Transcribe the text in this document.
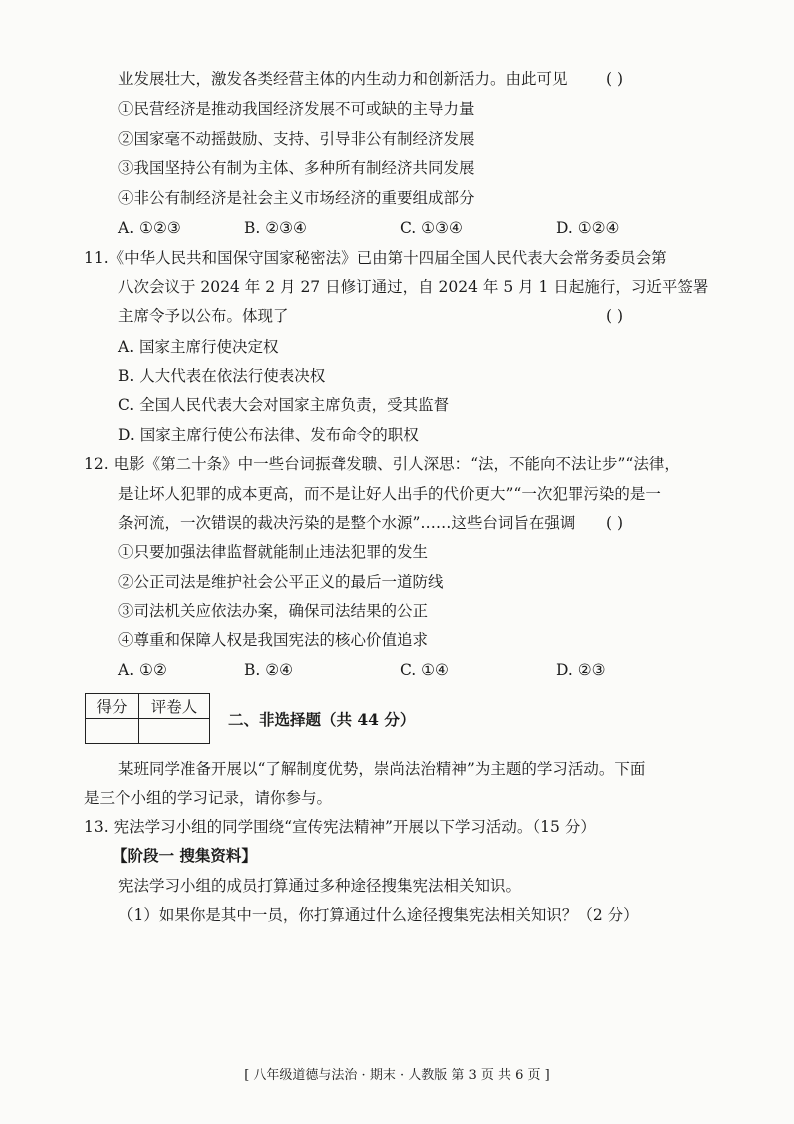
业发展壮大，激发各类经营主体的内生动力和创新活力。由此可见 ( )
①民营经济是推动我国经济发展不可或缺的主导力量
②国家毫不动摇鼓励、支持、引导非公有制经济发展
③我国坚持公有制为主体、多种所有制经济共同发展
④非公有制经济是社会主义市场经济的重要组成部分
A. ①②③	B. ②③④	C. ①③④	D. ①②④
11.《中华人民共和国保守国家秘密法》已由第十四届全国人民代表大会常务委员会第
八次会议于 2024 年 2 月 27 日修订通过，自 2024 年 5 月 1 日起施行，习近平签署
主席令予以公布。体现了	( )
A. 国家主席行使决定权
B. 人大代表在依法行使表决权
C. 全国人民代表大会对国家主席负责，受其监督
D. 国家主席行使公布法律、发布命令的职权
12. 电影《第二十条》中一些台词振聋发聩、引人深思：“法，不能向不法让步”“法律，
是让坏人犯罪的成本更高，而不是让好人出手的代价更大”“一次犯罪污染的是一
条河流，一次错误的裁决污染的是整个水源”……这些台词旨在强调 ( )
①只要加强法律监督就能制止违法犯罪的发生
②公正司法是维护社会公平正义的最后一道防线
③司法机关应依法办案，确保司法结果的公正
④尊重和保障人权是我国宪法的核心价值追求
A. ①②	B. ②④	C. ①④	D. ②③
得分	评卷人

二、非选择题（共 44 分）
某班同学准备开展以“了解制度优势，崇尚法治精神”为主题的学习活动。下面
是三个小组的学习记录，请你参与。
13. 宪法学习小组的同学围绕“宣传宪法精神”开展以下学习活动。（15 分）
【阶段一 搜集资料】
宪法学习小组的成员打算通过多种途径搜集宪法相关知识。
（1）如果你是其中一员，你打算通过什么途径搜集宪法相关知识？（2 分）
[ 八年级道德与法治 · 期末 · 人教版 第 3 页 共 6 页 ]
